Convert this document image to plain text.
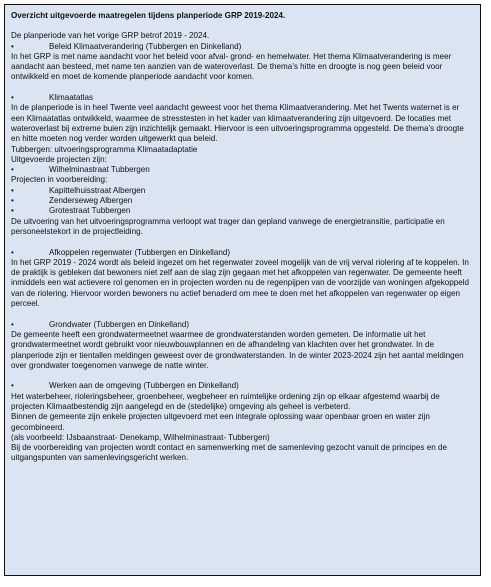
Overzicht uitgevoerde maatregelen tijdens planperiode GRP 2019-2024.

De planperiode van het vorige GRP betrof 2019 - 2024.

•
Beleid Klimaatverandering (Tubbergen en Dinkelland)

In het GRP is met name aandacht voor het beleid voor afval- grond- en hemelwater. Het thema Klimaatverandering is meer aandacht aan besteed, met name ten aanzien van de wateroverlast. De thema’s hitte en droogte is nog geen beleid voor ontwikkeld en moet de komende planperiode aandacht voor komen.

•
Klimaatatlas

In de planperiode is in heel Twente veel aandacht geweest voor het thema Klimaatverandering. Met het Twents waternet is er een Klimaatatlas ontwikkeld, waarmee de stresstesten in het kader van klimaatverandering zijn uitgevoerd. De locaties met wateroverlast bij extreme buien zijn inzichtelijk gemaakt. Hiervoor is een uitvoeringsprogramma opgesteld. De thema’s droogte en hitte moeten nog verder worden uitgewerkt qua beleid.

Tubbergen: uitvoeringsprogramma Klimaatadaptatie

Uitgevoerde projecten zijn:

•
Wilhelminastraat Tubbergen

Projecten in voorbereiding:

•
Kapittelhuisstraat Albergen
•
Zenderseweg Albergen
•
Grotestraat Tubbergen

De uitvoering van het uitvoeringsprogramma verloopt wat trager dan gepland vanwege de energietransitie, participatie en personeelstekort in de projectleiding.

•
Afkoppelen regenwater (Tubbergen en Dinkelland)

In het GRP 2019 - 2024 wordt als beleid ingezet om het regenwater zoveel mogelijk van de vrij verval riolering af te koppelen. In de praktijk is gebleken dat bewoners niet zelf aan de slag zijn gegaan met het afkoppelen van regenwater. De gemeente heeft inmiddels een wat actievere rol genomen en in projecten worden nu de regenpijpen van de voorzijde van woningen afgekoppeld van de riolering. Hiervoor worden bewoners nu actief benaderd om mee te doen met het afkoppelen van regenwater op eigen perceel.

•
Grondwater (Tubbergen en Dinkelland)

De gemeente heeft een grondwatermeetnet waarmee de grondwaterstanden worden gemeten. De informatie uit het grondwatermeetnet wordt gebruikt voor nieuwbouwplannen en de afhandeling van klachten over het grondwater. In de planperiode zijn er tientallen meldingen geweest over de grondwaterstanden. In de winter 2023-2024 zijn het aantal meldingen over grondwater toegenomen vanwege de natte winter.

•
Werken aan de omgeving (Tubbergen en Dinkelland)

Het waterbeheer, rioleringsbeheer, groenbeheer, wegbeheer en ruimtelijke ordening zijn op elkaar afgestemd waarbij de projecten Klimaatbestendig zijn aangelegd en de (stedelijke) omgeving als geheel is verbeterd.

Binnen de gemeente zijn enkele projecten uitgevoerd met een integrale oplossing waar openbaar groen en water zijn gecombineerd.

(als voorbeeld: IJsbaanstraat- Denekamp, Wilhelminastraat- Tubbergen)

Bij de voorbereiding van projecten wordt contact en samenwerking met de samenleving gezocht vanuit de principes en de uitgangspunten van samenlevingsgericht werken.
